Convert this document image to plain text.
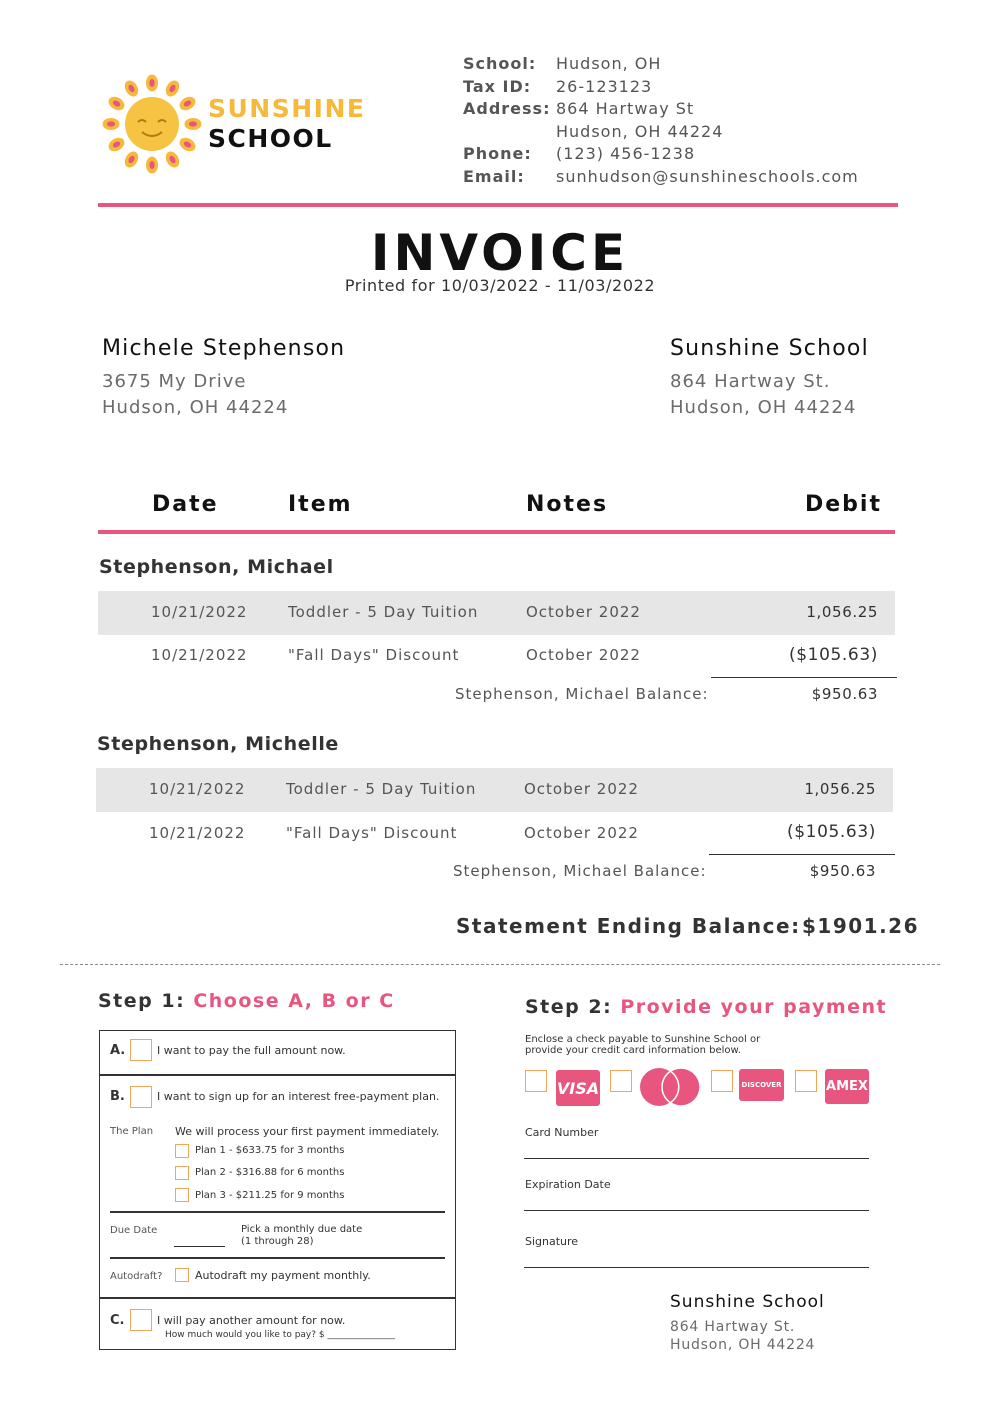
SUNSHINE
SCHOOL
School:	Hudson, OH
Tax ID:	26-123123
Address: 864 Hartway St
Hudson, OH 44224
Phone:	(123) 456-1238
Email:	sunhudson@sunshineschools.com
INVOICE
Printed for 10/03/2022 - 11/03/2022
Michele Stephenson
3675 My Drive
Hudson, OH 44224
Sunshine School
864 Hartway St.
Hudson, OH 44224
Date	Item	Notes	Debit
Stephenson, Michael
10/21/2022	Toddler - 5 Day Tuition	October 2022	1,056.25
10/21/2022	"Fall Days" Discount	October 2022	($105.63)
Stephenson, Michael Balance:	$950.63
Stephenson, Michelle
10/21/2022	Toddler - 5 Day Tuition	October 2022	1,056.25
10/21/2022	"Fall Days" Discount	October 2022	($105.63)
Stephenson, Michael Balance:	$950.63
Statement Ending Balance: $1901.26
Step 1: Choose A, B or C
A.	I want to pay the full amount now.
B.	I want to sign up for an interest free-payment plan.
The Plan We will process your first payment immediately.
Plan 1 - $633.75 for 3 months
Plan 2 - $316.88 for 6 months
Plan 3 - $211.25 for 9 months
Due Date	Pick a monthly due date
(1 through 28)
Autodraft?	Autodraft my payment monthly.
C.	I will pay another amount for now.
How much would you like to pay? $ _______________
Step 2: Provide your payment
Enclose a check payable to Sunshine School or
provide your credit card information below.
VISA	DISCOVER	AMEX
Card Number
Expiration Date
Signature
Sunshine School
864 Hartway St.
Hudson, OH 44224
